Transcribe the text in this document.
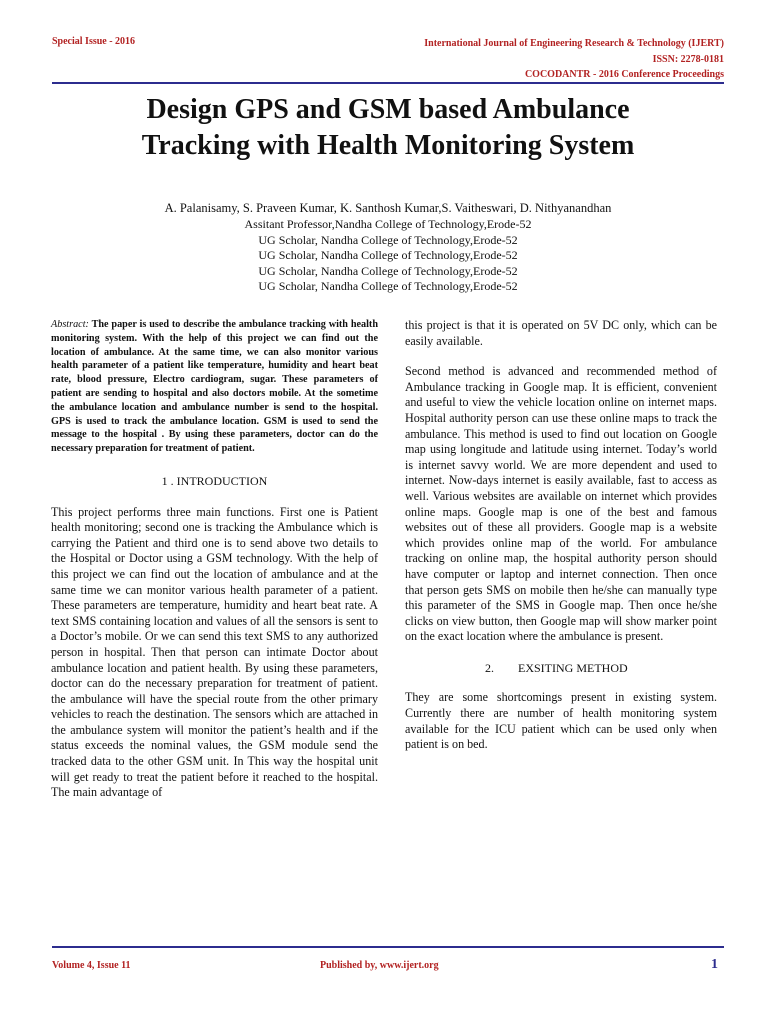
Special Issue - 2016	International Journal of Engineering Research & Technology (IJERT)
ISSN: 2278-0181
COCODANTR - 2016 Conference Proceedings
Design GPS and GSM based Ambulance
Tracking with Health Monitoring System
A. Palanisamy, S. Praveen Kumar, K. Santhosh Kumar,S. Vaitheswari, D. Nithyanandhan
Assitant Professor,Nandha College of Technology,Erode-52
UG Scholar, Nandha College of Technology,Erode-52
UG Scholar, Nandha College of Technology,Erode-52
UG Scholar, Nandha College of Technology,Erode-52
UG Scholar, Nandha College of Technology,Erode-52

Abstract: The paper is used to describe the ambulance tracking with health monitoring system. With the help of this project we can find out the location of ambulance. At the same time, we can also monitor various health parameter of a patient like temperature, humidity and heart beat rate, blood pressure, Electro cardiogram, sugar. These parameters of patient are sending to hospital and also doctors mobile. At the sometime the ambulance location and ambulance number is send to the hospital. GPS is used to track the ambulance location. GSM is used to send the message to the hospital . By using these parameters, doctor can do the necessary preparation for treatment of patient.

1 . INTRODUCTION

This project performs three main functions. First one is Patient health monitoring; second one is tracking the Ambulance which is carrying the Patient and third one is to send above two details to the Hospital or Doctor using a GSM technology. With the help of this project we can find out the location of ambulance and at the same time we can monitor various health parameter of a patient. These parameters are temperature, humidity and heart beat rate. A text SMS containing location and values of all the sensors is sent to a Doctor’s mobile. Or we can send this text SMS to any authorized person in hospital. Then that person can intimate Doctor about ambulance location and patient health. By using these parameters, doctor can do the necessary preparation for treatment of patient. the ambulance will have the special route from the other primary vehicles to reach the destination. The sensors which are attached in the ambulance system will monitor the patient’s health and if the status exceeds the nominal values, the GSM module send the tracked data to the other GSM unit. In This way the hospital unit will get ready to treat the patient before it reached to the hospital. The main advantage of

this project is that it is operated on 5V DC only, which can be easily available.

Second method is advanced and recommended method of Ambulance tracking in Google map. It is efficient, convenient and useful to view the vehicle location online on internet maps. Hospital authority person can use these online maps to track the ambulance. This method is used to find out location on Google map using longitude and latitude using internet. Today’s world is internet savvy world. We are more dependent and used to internet. Now-days internet is easily available, fast to access as well. Various websites are available on internet which provides online maps. Google map is one of the best and famous websites out of these all providers. Google map is a website which provides online map of the world. For ambulance tracking on online map, the hospital authority person should have computer or laptop and internet connection. Then once that person gets SMS on mobile then he/she can manually type this parameter of the SMS in Google map. Then once he/she clicks on view button, then Google map will show marker point on the exact location where the ambulance is present.

2. EXSITING METHOD

They are some shortcomings present in existing system. Currently there are number of health monitoring system available for the ICU patient which can be used only when patient is on bed.

Volume 4, Issue 11	Published by, www.ijert.org	1
